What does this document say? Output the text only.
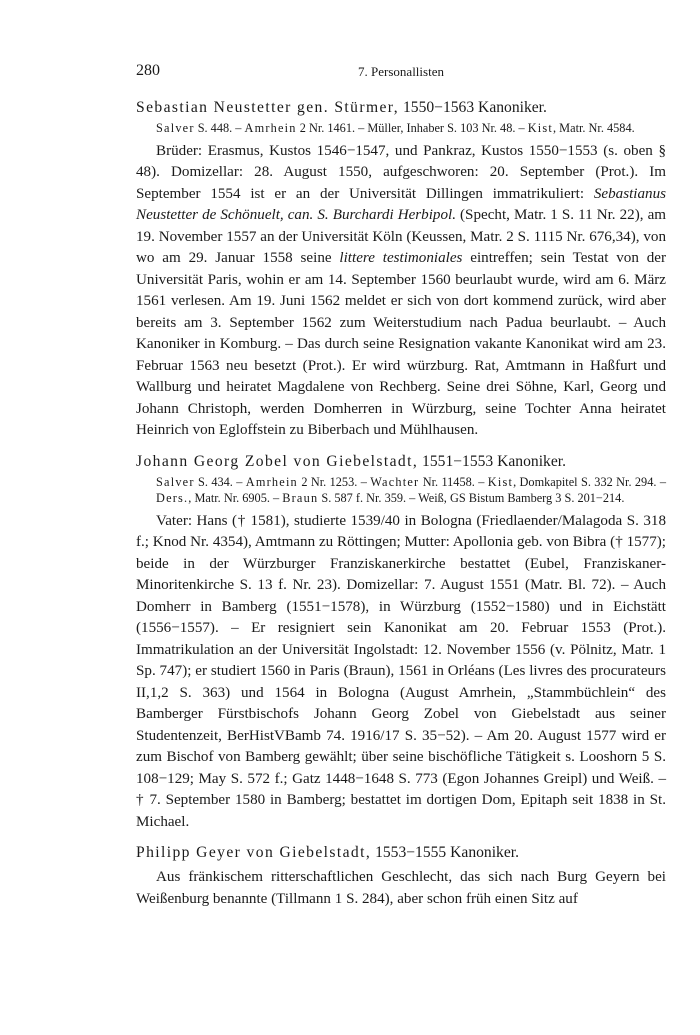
280	7. Personallisten
Sebastian Neustetter gen. Stürmer, 1550−1563 Kanoniker.
Salver S. 448. – Amrhein 2 Nr. 1461. – Müller, Inhaber S. 103 Nr. 48. – Kist, Matr. Nr. 4584.
Brüder: Erasmus, Kustos 1546−1547, und Pankraz, Kustos 1550−1553 (s. oben § 48). Domizellar: 28. August 1550, aufgeschworen: 20. September (Prot.). Im September 1554 ist er an der Universität Dillingen immatrikuliert: Sebastianus Neustetter de Schönuelt, can. S. Burchardi Herbipol. (Specht, Matr. 1 S. 11 Nr. 22), am 19. November 1557 an der Universität Köln (Keussen, Matr. 2 S. 1115 Nr. 676,34), von wo am 29. Januar 1558 seine littere testimoniales eintreffen; sein Testat von der Universität Paris, wohin er am 14. September 1560 beurlaubt wurde, wird am 6. März 1561 verlesen. Am 19. Juni 1562 meldet er sich von dort kommend zurück, wird aber bereits am 3. September 1562 zum Weiterstudium nach Padua beurlaubt. – Auch Kanoniker in Komburg. – Das durch seine Resignation vakante Kanonikat wird am 23. Februar 1563 neu besetzt (Prot.). Er wird würzburg. Rat, Amtmann in Haßfurt und Wallburg und heiratet Magdalene von Rechberg. Seine drei Söhne, Karl, Georg und Johann Christoph, werden Domherren in Würzburg, seine Tochter Anna heiratet Heinrich von Egloffstein zu Biberbach und Mühlhausen.
Johann Georg Zobel von Giebelstadt, 1551−1553 Kanoniker.
Salver S. 434. – Amrhein 2 Nr. 1253. – Wachter Nr. 11458. – Kist, Domkapitel S. 332 Nr. 294. – Ders., Matr. Nr. 6905. – Braun S. 587 f. Nr. 359. – Weiß, GS Bistum Bamberg 3 S. 201−214.
Vater: Hans († 1581), studierte 1539/40 in Bologna (Friedlaender/Malagoda S. 318 f.; Knod Nr. 4354), Amtmann zu Röttingen; Mutter: Apollonia geb. von Bibra († 1577); beide in der Würzburger Franziskanerkirche bestattet (Eubel, Franziskaner-Minoritenkirche S. 13 f. Nr. 23). Domizellar: 7. August 1551 (Matr. Bl. 72). – Auch Domherr in Bamberg (1551−1578), in Würzburg (1552−1580) und in Eichstätt (1556−1557). – Er resigniert sein Kanonikat am 20. Februar 1553 (Prot.). Immatrikulation an der Universität Ingolstadt: 12. November 1556 (v. Pölnitz, Matr. 1 Sp. 747); er studiert 1560 in Paris (Braun), 1561 in Orléans (Les livres des procurateurs II,1,2 S. 363) und 1564 in Bologna (August Amrhein, „Stammbüchlein“ des Bamberger Fürstbischofs Johann Georg Zobel von Giebelstadt aus seiner Studentenzeit, BerHistVBamb 74. 1916/17 S. 35−52). – Am 20. August 1577 wird er zum Bischof von Bamberg gewählt; über seine bischöfliche Tätigkeit s. Looshorn 5 S. 108−129; May S. 572 f.; Gatz 1448−1648 S. 773 (Egon Johannes Greipl) und Weiß. – † 7. September 1580 in Bamberg; bestattet im dortigen Dom, Epitaph seit 1838 in St. Michael.
Philipp Geyer von Giebelstadt, 1553−1555 Kanoniker.
Aus fränkischem ritterschaftlichen Geschlecht, das sich nach Burg Geyern bei Weißenburg benannte (Tillmann 1 S. 284), aber schon früh einen Sitz auf
